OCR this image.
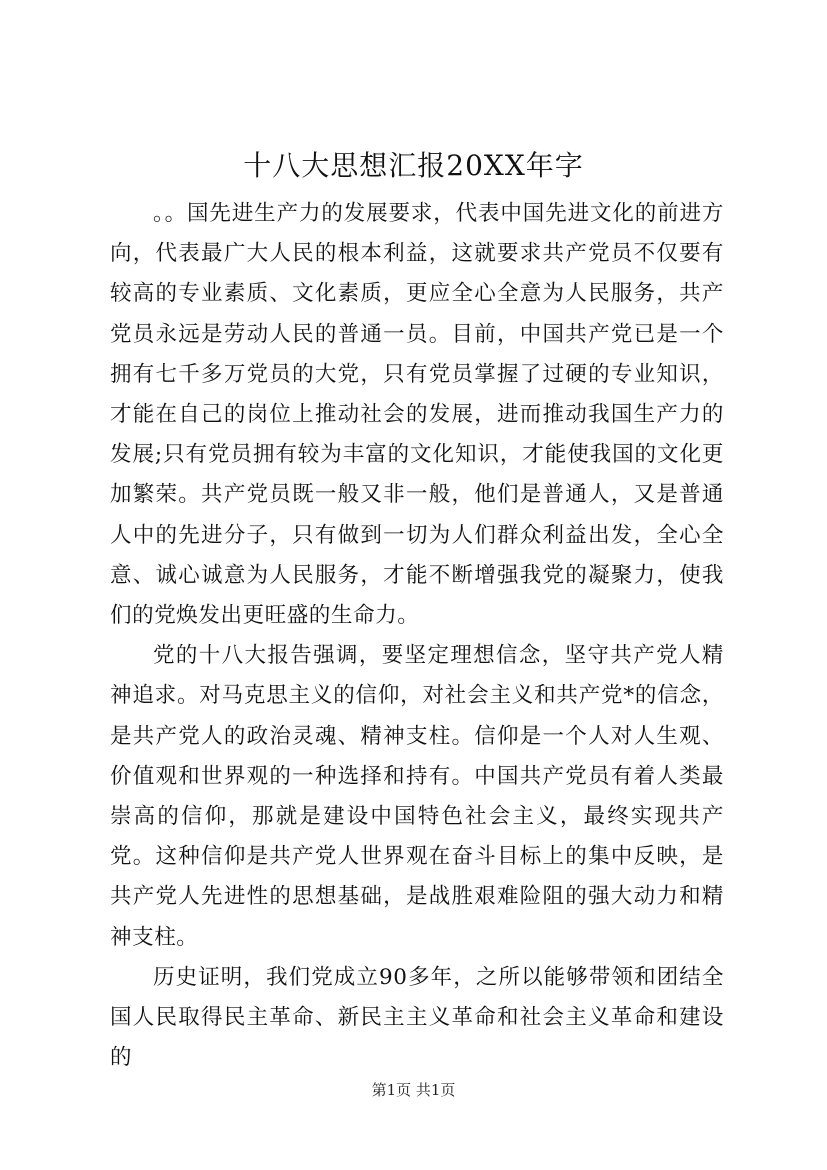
十八大思想汇报20XX年字

。。国先进生产力的发展要求，代表中国先进文化的前进方向，代表最广大人民的根本利益，这就要求共产党员不仅要有较高的专业素质、文化素质，更应全心全意为人民服务，共产党员永远是劳动人民的普通一员。目前，中国共产党已是一个拥有七千多万党员的大党，只有党员掌握了过硬的专业知识，才能在自己的岗位上推动社会的发展，进而推动我国生产力的发展;只有党员拥有较为丰富的文化知识，才能使我国的文化更加繁荣。共产党员既一般又非一般，他们是普通人，又是普通人中的先进分子，只有做到一切为人们群众利益出发，全心全意、诚心诚意为人民服务，才能不断增强我党的凝聚力，使我们的党焕发出更旺盛的生命力。

党的十八大报告强调，要坚定理想信念，坚守共产党人精神追求。对马克思主义的信仰，对社会主义和共产党*的信念，是共产党人的政治灵魂、精神支柱。信仰是一个人对人生观、价值观和世界观的一种选择和持有。中国共产党员有着人类最崇高的信仰，那就是建设中国特色社会主义，最终实现共产党。这种信仰是共产党人世界观在奋斗目标上的集中反映，是共产党人先进性的思想基础，是战胜艰难险阻的强大动力和精神支柱。

历史证明，我们党成立90多年，之所以能够带领和团结全国人民取得民主革命、新民主主义革命和社会主义革命和建设的

第1页 共1页
